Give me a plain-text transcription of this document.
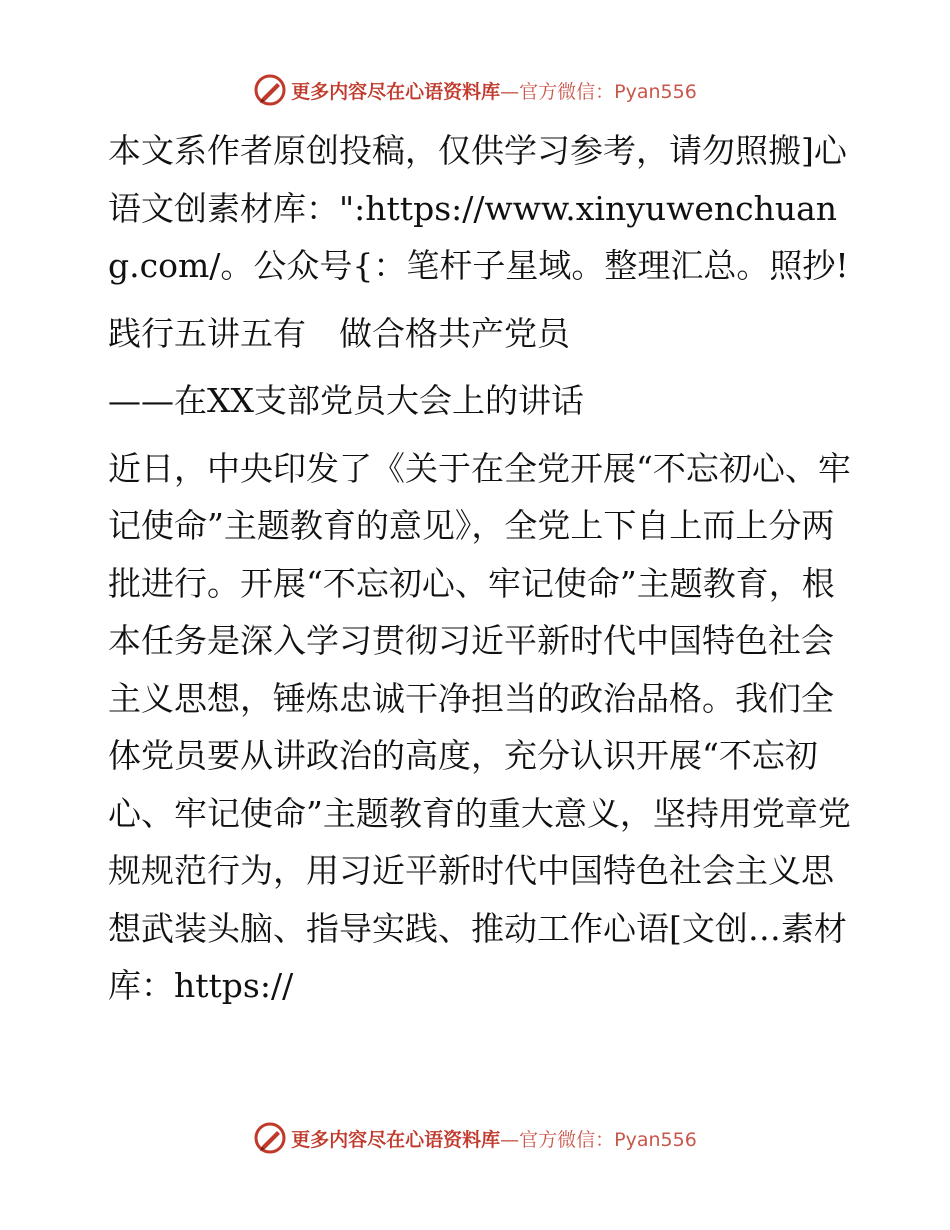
更多内容尽在心语资料库 —官方微信：Pyan556

本文系作者原创投稿，仅供学习参考，请勿照搬]心语文创素材库：":https://www.xinyuwenchuang.com/。公众号{：笔杆子星域。整理汇总。照抄!

践行五讲五有　做合格共产党员

——在XX支部党员大会上的讲话

近日，中央印发了《关于在全党开展“不忘初心、牢记使命”主题教育的意见》，全党上下自上而上分两批进行。开展“不忘初心、牢记使命”主题教育，根本任务是深入学习贯彻习近平新时代中国特色社会主义思想，锤炼忠诚干净担当的政治品格。我们全体党员要从讲政治的高度，充分认识开展“不忘初心、牢记使命”主题教育的重大意义，坚持用党章党规规范行为，用习近平新时代中国特色社会主义思想武装头脑、指导实践、推动工作心语[文创…素材库：https://

更多内容尽在心语资料库 —官方微信：Pyan556
